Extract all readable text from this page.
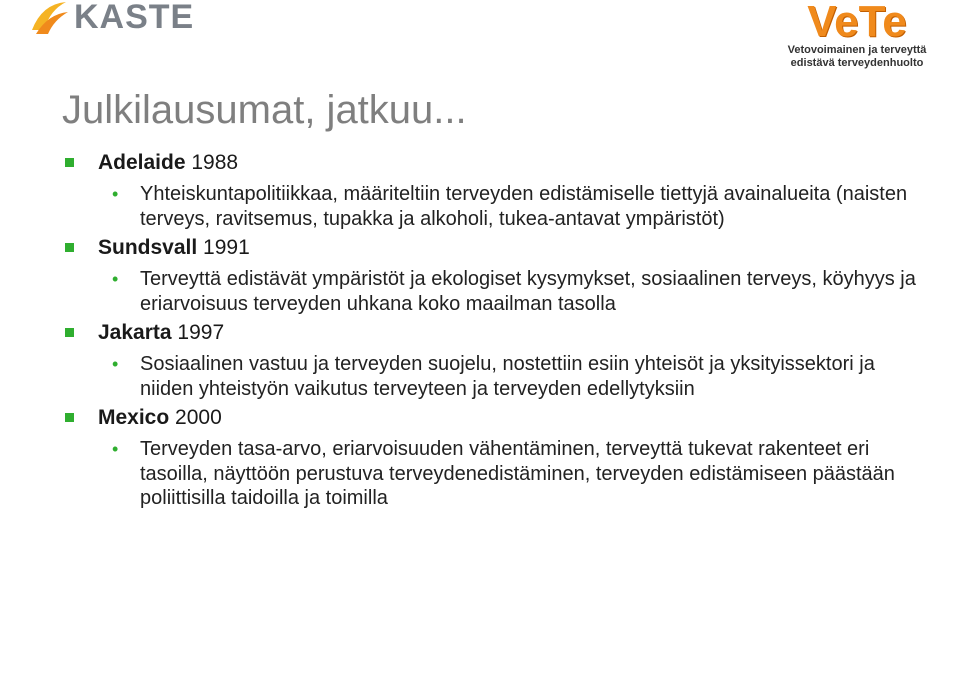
KASTE	VeTe
Vetovoimainen ja terveyttä
edistävä terveydenhuolto
Julkilausumat, jatkuu...
Adelaide 1988
• Yhteiskuntapolitiikkaa, määriteltiin terveyden edistämiselle tiettyjä avainalueita (naisten terveys, ravitsemus, tupakka ja alkoholi, tukea-antavat ympäristöt)
Sundsvall 1991
• Terveyttä edistävät ympäristöt ja ekologiset kysymykset, sosiaalinen terveys, köyhyys ja eriarvoisuus terveyden uhkana koko maailman tasolla
Jakarta 1997
• Sosiaalinen vastuu ja terveyden suojelu, nostettiin esiin yhteisöt ja yksityissektori ja niiden yhteistyön vaikutus terveyteen ja terveyden edellytyksiin
Mexico 2000
• Terveyden tasa-arvo, eriarvoisuuden vähentäminen, terveyttä tukevat rakenteet eri tasoilla, näyttöön perustuva terveydenedistäminen, terveyden edistämiseen päästään poliittisilla taidoilla ja toimilla
